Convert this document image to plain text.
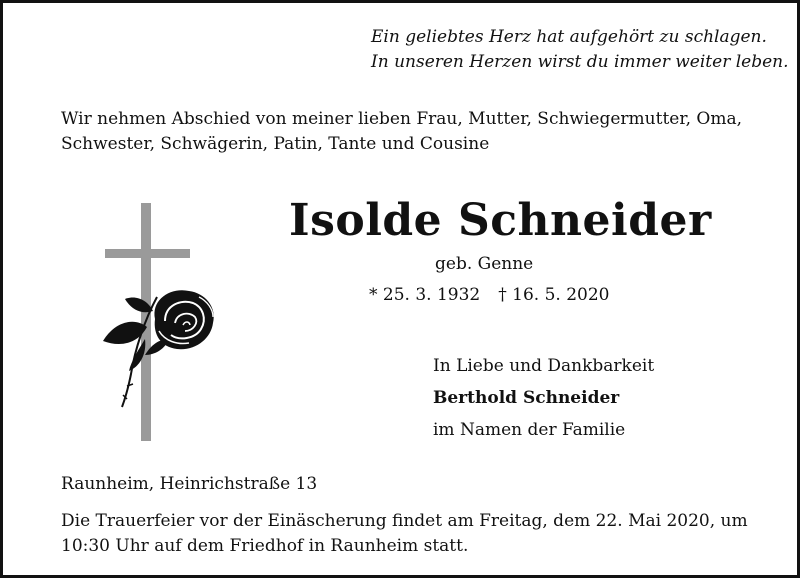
Ein geliebtes Herz hat aufgehört zu schlagen.
In unseren Herzen wirst du immer weiter leben.
Wir nehmen Abschied von meiner lieben Frau, Mutter, Schwiegermutter, Oma,
Schwester, Schwägerin, Patin, Tante und Cousine
Isolde Schneider
geb. Genne
* 25. 3. 1932 † 16. 5. 2020
In Liebe und Dankbarkeit
Berthold Schneider
im Namen der Familie
Raunheim, Heinrichstraße 13
Die Trauerfeier vor der Einäscherung findet am Freitag, dem 22. Mai 2020, um
10:30 Uhr auf dem Friedhof in Raunheim statt.
